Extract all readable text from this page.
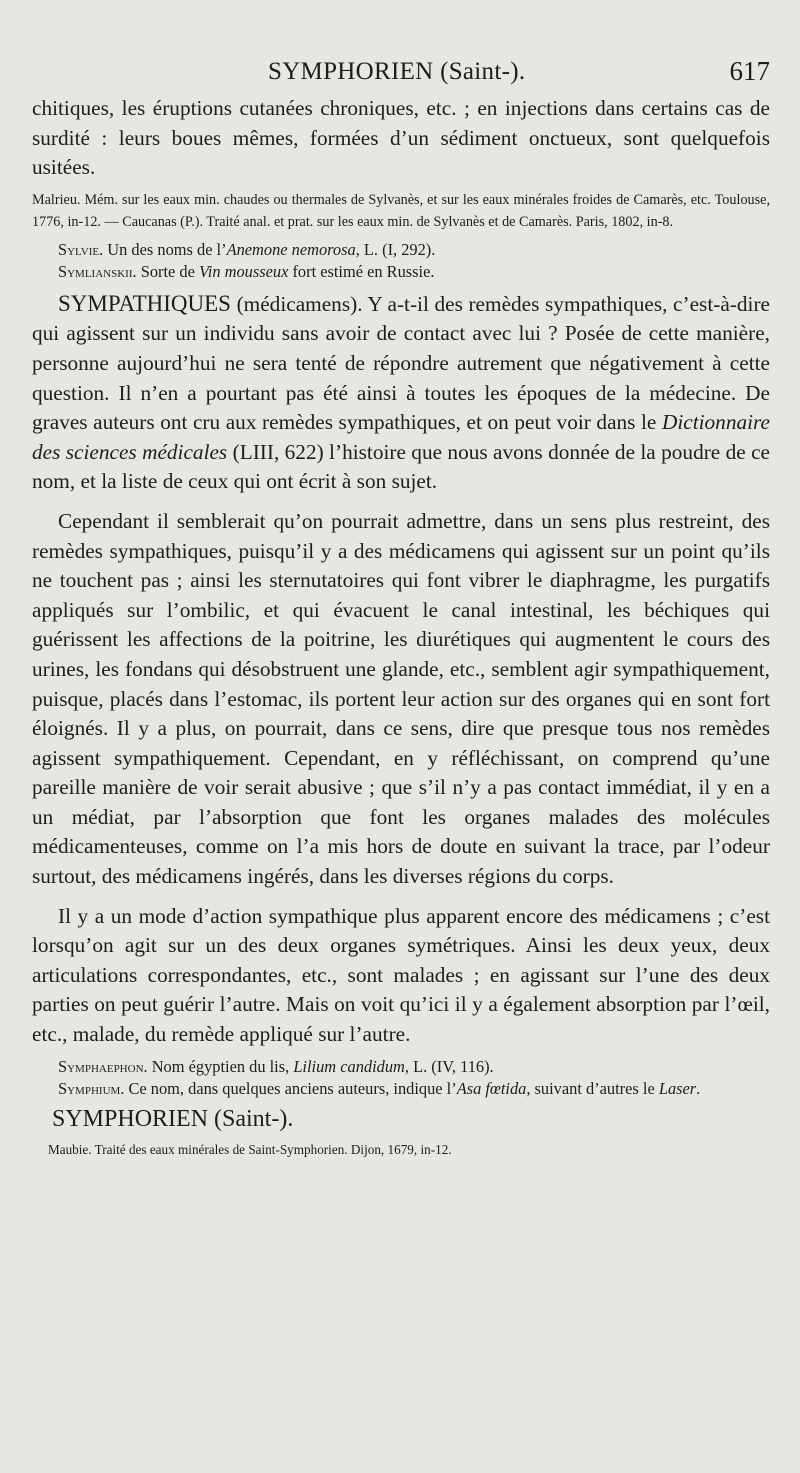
SYMPHORIEN (Saint-).	617

chitiques, les éruptions cutanées chroniques, etc. ; en injections dans certains cas de surdité : leurs boues mêmes, formées d’un sédiment onctueux, sont quelquefois usitées.

Malrieu. Mém. sur les eaux min. chaudes ou thermales de Sylvanès, et sur les eaux minérales froides de Camarès, etc. Toulouse, 1776, in-12. — Caucanas (P.). Traité anal. et prat. sur les eaux min. de Sylvanès et de Camarès. Paris, 1802, in-8.

Sylvie. Un des noms de l’Anemone nemorosa, L. (I, 292).

Symlianskii. Sorte de Vin mousseux fort estimé en Russie.

SYMPATHIQUES (médicamens). Y a-t-il des remèdes sympathiques, c’est-à-dire qui agissent sur un individu sans avoir de contact avec lui ? Posée de cette manière, personne aujourd’hui ne sera tenté de répondre autrement que négativement à cette question. Il n’en a pourtant pas été ainsi à toutes les époques de la médecine. De graves auteurs ont cru aux remèdes sympathiques, et on peut voir dans le Dictionnaire des sciences médicales (LIII, 622) l’histoire que nous avons donnée de la poudre de ce nom, et la liste de ceux qui ont écrit à son sujet.

Cependant il semblerait qu’on pourrait admettre, dans un sens plus restreint, des remèdes sympathiques, puisqu’il y a des médicamens qui agissent sur un point qu’ils ne touchent pas ; ainsi les sternutatoires qui font vibrer le diaphragme, les purgatifs appliqués sur l’ombilic, et qui évacuent le canal intestinal, les béchiques qui guérissent les affections de la poitrine, les diurétiques qui augmentent le cours des urines, les fondans qui désobstruent une glande, etc., semblent agir sympathiquement, puisque, placés dans l’estomac, ils portent leur action sur des organes qui en sont fort éloignés. Il y a plus, on pourrait, dans ce sens, dire que presque tous nos remèdes agissent sympathiquement. Cependant, en y réfléchissant, on comprend qu’une pareille manière de voir serait abusive ; que s’il n’y a pas contact immédiat, il y en a un médiat, par l’absorption que font les organes malades des molécules médicamenteuses, comme on l’a mis hors de doute en suivant la trace, par l’odeur surtout, des médicamens ingérés, dans les diverses régions du corps.

Il y a un mode d’action sympathique plus apparent encore des médicamens ; c’est lorsqu’on agit sur un des deux organes symétriques. Ainsi les deux yeux, deux articulations correspondantes, etc., sont malades ; en agissant sur l’une des deux parties on peut guérir l’autre. Mais on voit qu’ici il y a également absorption par l’œil, etc., malade, du remède appliqué sur l’autre.

Symphaephon. Nom égyptien du lis, Lilium candidum, L. (IV, 116).

Symphium. Ce nom, dans quelques anciens auteurs, indique l’Asa fœtida, suivant d’autres le Laser.

SYMPHORIEN (Saint-).

Maubie. Traité des eaux minérales de Saint-Symphorien. Dijon, 1679, in-12.
